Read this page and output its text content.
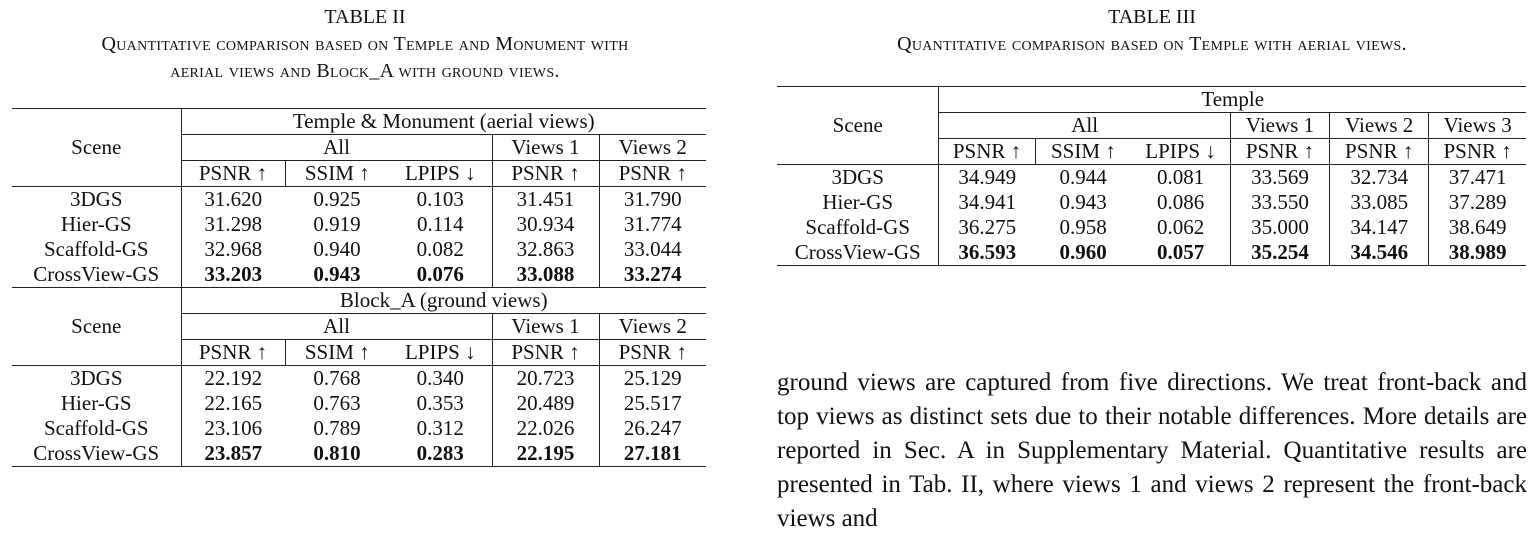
TABLE II
Quantitative comparison based on Temple and Monument with
aerial views and Block_A with ground views.
TABLE III
Quantitative comparison based on Temple with aerial views.
Scene	Temple & Monument (aerial views)				
	All			Views 1	Views 2
	PSNR ↑	SSIM ↑	LPIPS ↓	PSNR ↑	PSNR ↑
3DGS	31.620	0.925	0.103	31.451	31.790
Hier-GS	31.298	0.919	0.114	30.934	31.774
Scaffold-GS	32.968	0.940	0.082	32.863	33.044
CrossView-GS	33.203	0.943	0.076	33.088	33.274
Scene	Block_A (ground views)				
	All			Views 1	Views 2
	PSNR ↑	SSIM ↑	LPIPS ↓	PSNR ↑	PSNR ↑
3DGS	22.192	0.768	0.340	20.723	25.129
Hier-GS	22.165	0.763	0.353	20.489	25.517
Scaffold-GS	23.106	0.789	0.312	22.026	26.247
CrossView-GS	23.857	0.810	0.283	22.195	27.181
Scene	Temple					
	All			Views 1	Views 2	Views 3
	PSNR ↑	SSIM ↑	LPIPS ↓	PSNR ↑	PSNR ↑	PSNR ↑
3DGS	34.949	0.944	0.081	33.569	32.734	37.471
Hier-GS	34.941	0.943	0.086	33.550	33.085	37.289
Scaffold-GS	36.275	0.958	0.062	35.000	34.147	38.649
CrossView-GS	36.593	0.960	0.057	35.254	34.546	38.989

ground views are captured from five directions. We treat front-back and top views as distinct sets due to their notable differences. More details are reported in Sec. A in Supplementary Material. Quantitative results are presented in Tab. II, where views 1 and views 2 represent the front-back views and
